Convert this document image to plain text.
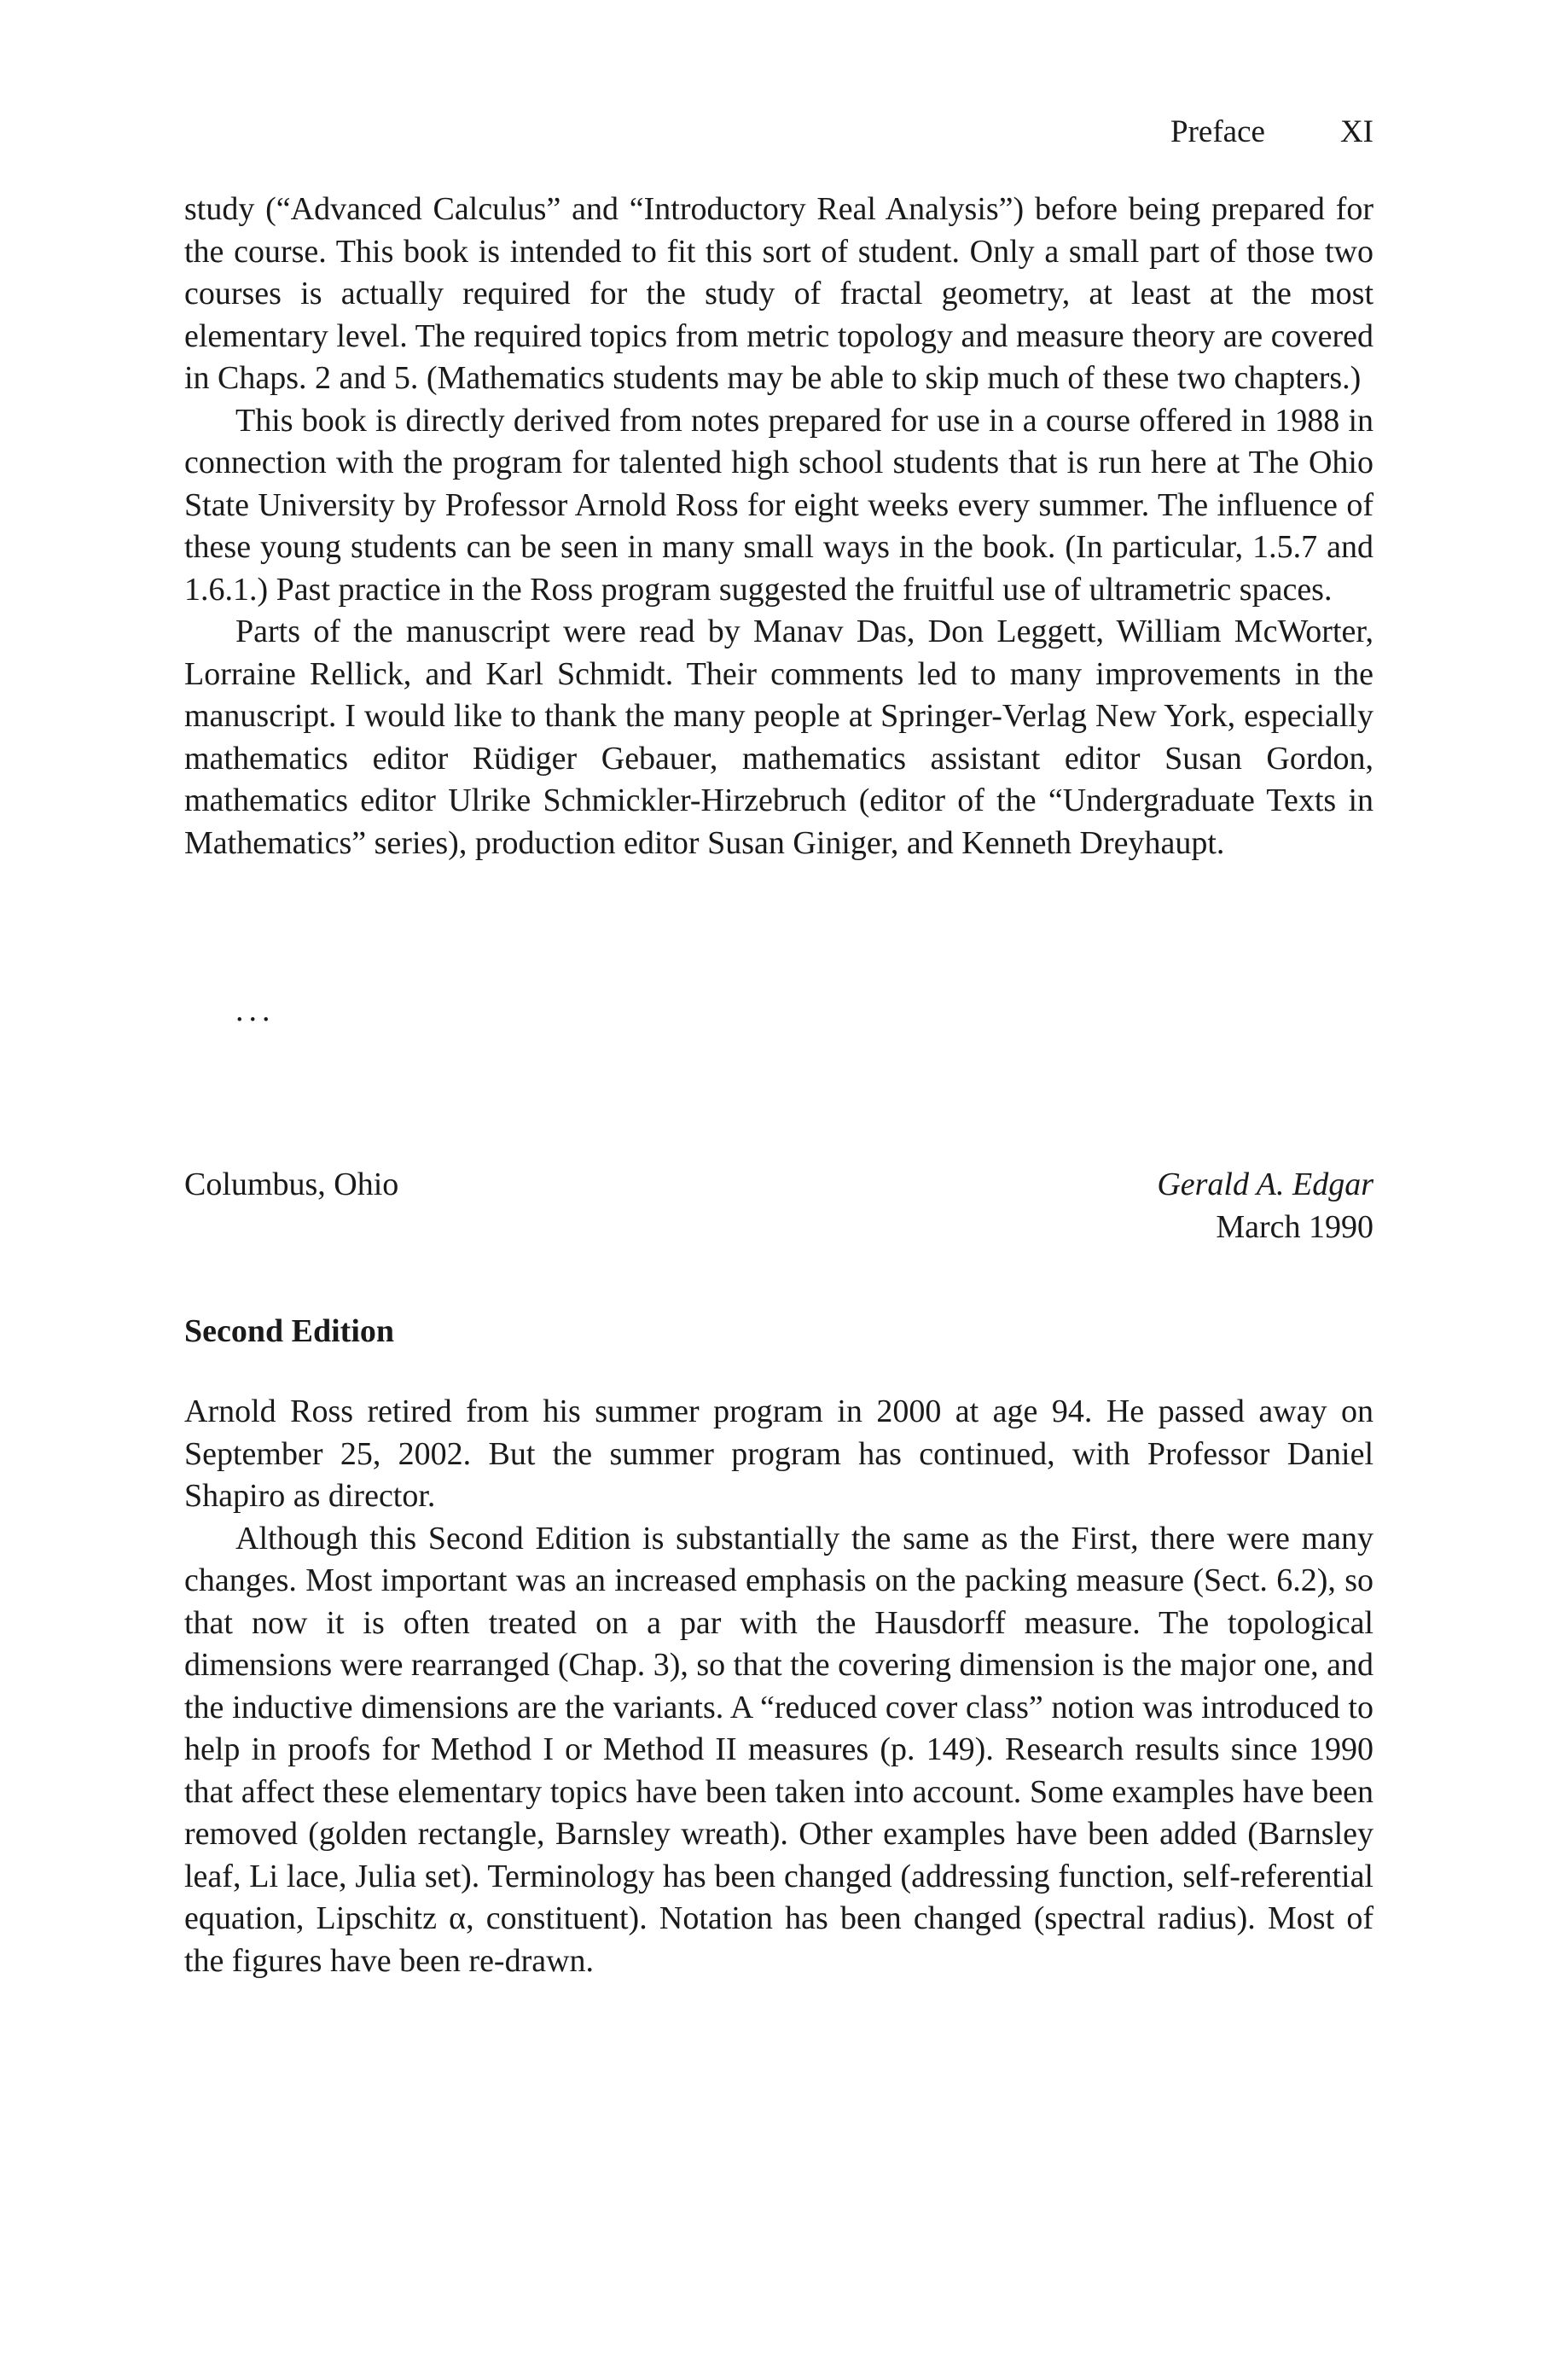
Preface XI

study (“Advanced Calculus” and “Introductory Real Analysis”) before being prepared for the course. This book is intended to fit this sort of student. Only a small part of those two courses is actually required for the study of fractal geometry, at least at the most elementary level. The required topics from metric topology and measure theory are covered in Chaps. 2 and 5. (Mathematics students may be able to skip much of these two chapters.)

This book is directly derived from notes prepared for use in a course offered in 1988 in connection with the program for talented high school students that is run here at The Ohio State University by Professor Arnold Ross for eight weeks every summer. The influence of these young students can be seen in many small ways in the book. (In particular, 1.5.7 and 1.6.1.) Past practice in the Ross program suggested the fruitful use of ultrametric spaces.

Parts of the manuscript were read by Manav Das, Don Leggett, William McWorter, Lorraine Rellick, and Karl Schmidt. Their comments led to many improvements in the manuscript. I would like to thank the many people at Springer-Verlag New York, especially mathematics editor Rüdiger Gebauer, mathematics assistant editor Susan Gordon, mathematics editor Ulrike Schmickler-Hirzebruch (editor of the “Undergraduate Texts in Mathematics” series), production editor Susan Giniger, and Kenneth Dreyhaupt.

...
Columbus, Ohio	Gerald A. Edgar
March 1990
Second Edition

Arnold Ross retired from his summer program in 2000 at age 94. He passed away on September 25, 2002. But the summer program has continued, with Professor Daniel Shapiro as director.

Although this Second Edition is substantially the same as the First, there were many changes. Most important was an increased emphasis on the packing measure (Sect. 6.2), so that now it is often treated on a par with the Hausdorff measure. The topological dimensions were rearranged (Chap. 3), so that the covering dimension is the major one, and the inductive dimensions are the variants. A “reduced cover class” notion was introduced to help in proofs for Method I or Method II measures (p. 149). Research results since 1990 that affect these elementary topics have been taken into account. Some examples have been removed (golden rectangle, Barnsley wreath). Other examples have been added (Barnsley leaf, Li lace, Julia set). Terminology has been changed (addressing function, self-referential equation, Lipschitz α, constituent). Notation has been changed (spectral radius). Most of the figures have been re-drawn.
